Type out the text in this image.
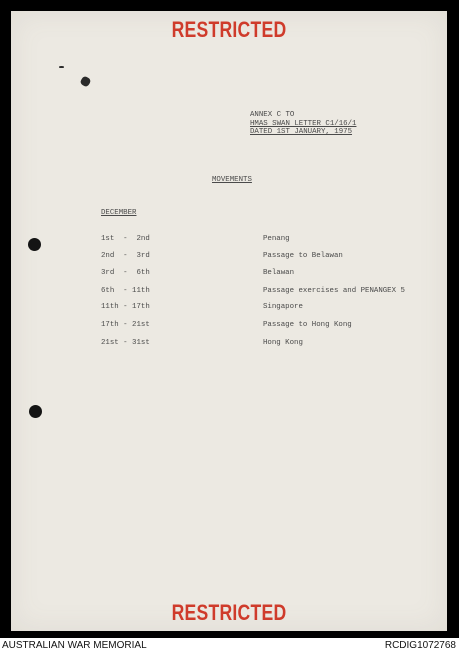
RESTRICTED
ANNEX C TO
HMAS SWAN LETTER C1/16/1
DATED 1ST JANUARY, 1975
MOVEMENTS
DECEMBER
1st  -  2nd	Penang
2nd  -  3rd	Passage to Belawan
3rd  -  6th	Belawan
6th  - 11th	Passage exercises and PENANGEX 5
11th - 17th	Singapore
17th - 21st	Passage to Hong Kong
21st - 31st	Hong Kong
RESTRICTED
AUSTRALIAN WAR MEMORIAL	RCDIG1072768
